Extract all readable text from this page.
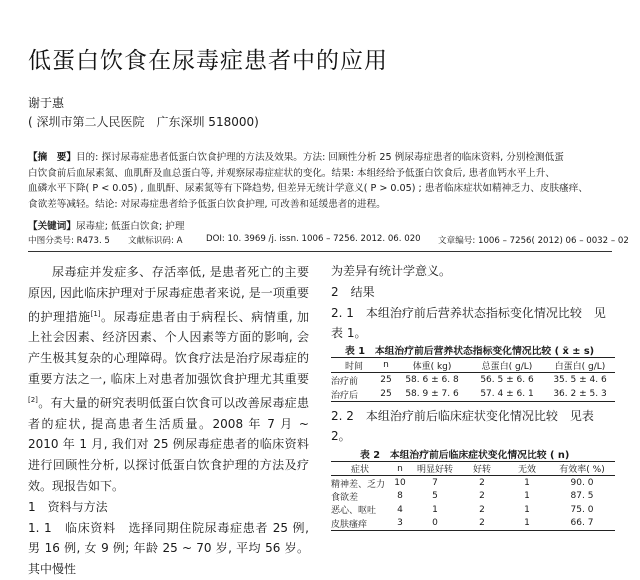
低蛋白饮食在尿毒症患者中的应用
谢于惠
( 深圳市第二人民医院　广东深圳 518000)
【摘　要】目的: 探讨尿毒症患者低蛋白饮食护理的方法及效果。方法: 回顾性分析 25 例尿毒症患者的临床资料, 分别检测低蛋
白饮食前后血尿素氮、血肌酐及血总蛋白等, 并观察尿毒症症状的变化。结果: 本组经给予低蛋白饮食后, 患者血钙水平上升、
血磷水平下降( P < 0.05) , 血肌酐、尿素氮等有下降趋势, 但差异无统计学意义( P > 0.05) ; 患者临床症状如精神乏力、皮肤瘙痒、
食欲差等减轻。结论: 对尿毒症患者给予低蛋白饮食护理, 可改善和延缓患者的进程。
【关键词】尿毒症; 低蛋白饮食; 护理
中图分类号: R473. 5 文献标识码: A	DOI: 10. 3969 /j. issn. 1006 – 7256. 2012. 06. 020 文章编号: 1006 – 7256( 2012) 06 – 0032 – 02

尿毒症并发症多、存活率低, 是患者死亡的主要原因, 因此临床护理对于尿毒症患者来说, 是一项重要的护理措施[1]。尿毒症患者由于病程长、病情重, 加上社会因素、经济因素、个人因素等方面的影响, 会产生极其复杂的心理障碍。饮食疗法是治疗尿毒症的重要方法之一, 临床上对患者加强饮食护理尤其重要[2]。有大量的研究表明低蛋白饮食可以改善尿毒症患者的症状, 提高患者生活质量。2008 年 7 月 ~ 2010 年 1 月, 我们对 25 例尿毒症患者的临床资料进行回顾性分析, 以探讨低蛋白饮食护理的方法及疗效。现报告如下。

1　资料与方法

1. 1　临床资料　选择同期住院尿毒症患者 25 例, 男 16 例, 女 9 例; 年龄 25 ~ 70 岁, 平均 56 岁。其中慢性

为差异有统计学意义。
2　结果
2. 1　本组治疗前后营养状态指标变化情况比较　见
表 1。
表 1　本组治疗前后营养状态指标变化情况比较 ( x̄ ± s)
时间	n	体重( kg)	总蛋白( g/L)	白蛋白( g/L)
治疗前	25	58. 6 ± 6. 8	56. 5 ± 6. 6	35. 5 ± 4. 6
治疗后	25	58. 9 ± 7. 6	57. 4 ± 6. 1	36. 2 ± 5. 3
2. 2　本组治疗前后临床症状变化情况比较　见表
2。
表 2　本组治疗前后临床症状变化情况比较 ( n)
症状	n	明显好转	好转	无效	有效率( %)
精神差、乏力	10	7	2	1	90. 0
食欲差	8	5	2	1	87. 5
恶心、呕吐	4	1	2	1	75. 0
皮肤瘙痒	3	0	2	1	66. 7
